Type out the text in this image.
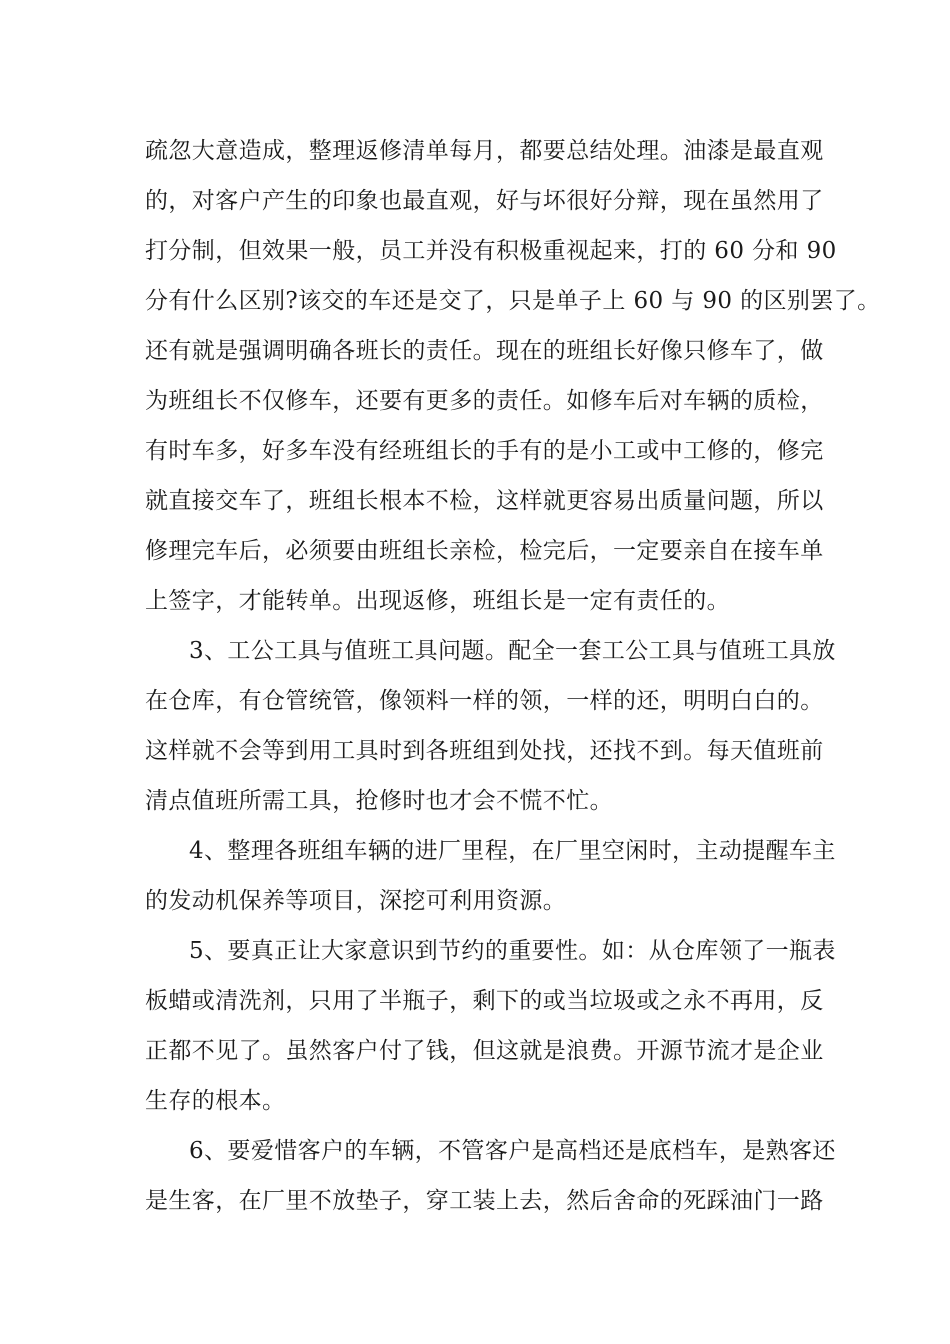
疏忽大意造成，整理返修清单每月，都要总结处理。油漆是最直观
的，对客户产生的印象也最直观，好与坏很好分辩，现在虽然用了
打分制，但效果一般，员工并没有积极重视起来，打的 60 分和 90
分有什么区别?该交的车还是交了，只是单子上 60 与 90 的区别罢了。
还有就是强调明确各班长的责任。现在的班组长好像只修车了，做
为班组长不仅修车，还要有更多的责任。如修车后对车辆的质检，
有时车多，好多车没有经班组长的手有的是小工或中工修的，修完
就直接交车了，班组长根本不检，这样就更容易出质量问题，所以
修理完车后，必须要由班组长亲检，检完后，一定要亲自在接车单
上签字，才能转单。出现返修，班组长是一定有责任的。
3、工公工具与值班工具问题。配全一套工公工具与值班工具放
在仓库，有仓管统管，像领料一样的领，一样的还，明明白白的。
这样就不会等到用工具时到各班组到处找，还找不到。每天值班前
清点值班所需工具，抢修时也才会不慌不忙。
4、整理各班组车辆的进厂里程，在厂里空闲时，主动提醒车主
的发动机保养等项目，深挖可利用资源。
5、要真正让大家意识到节约的重要性。如：从仓库领了一瓶表
板蜡或清洗剂，只用了半瓶子，剩下的或当垃圾或之永不再用，反
正都不见了。虽然客户付了钱，但这就是浪费。开源节流才是企业
生存的根本。
6、要爱惜客户的车辆，不管客户是高档还是底档车，是熟客还
是生客，在厂里不放垫子，穿工装上去，然后舍命的死踩油门一路
